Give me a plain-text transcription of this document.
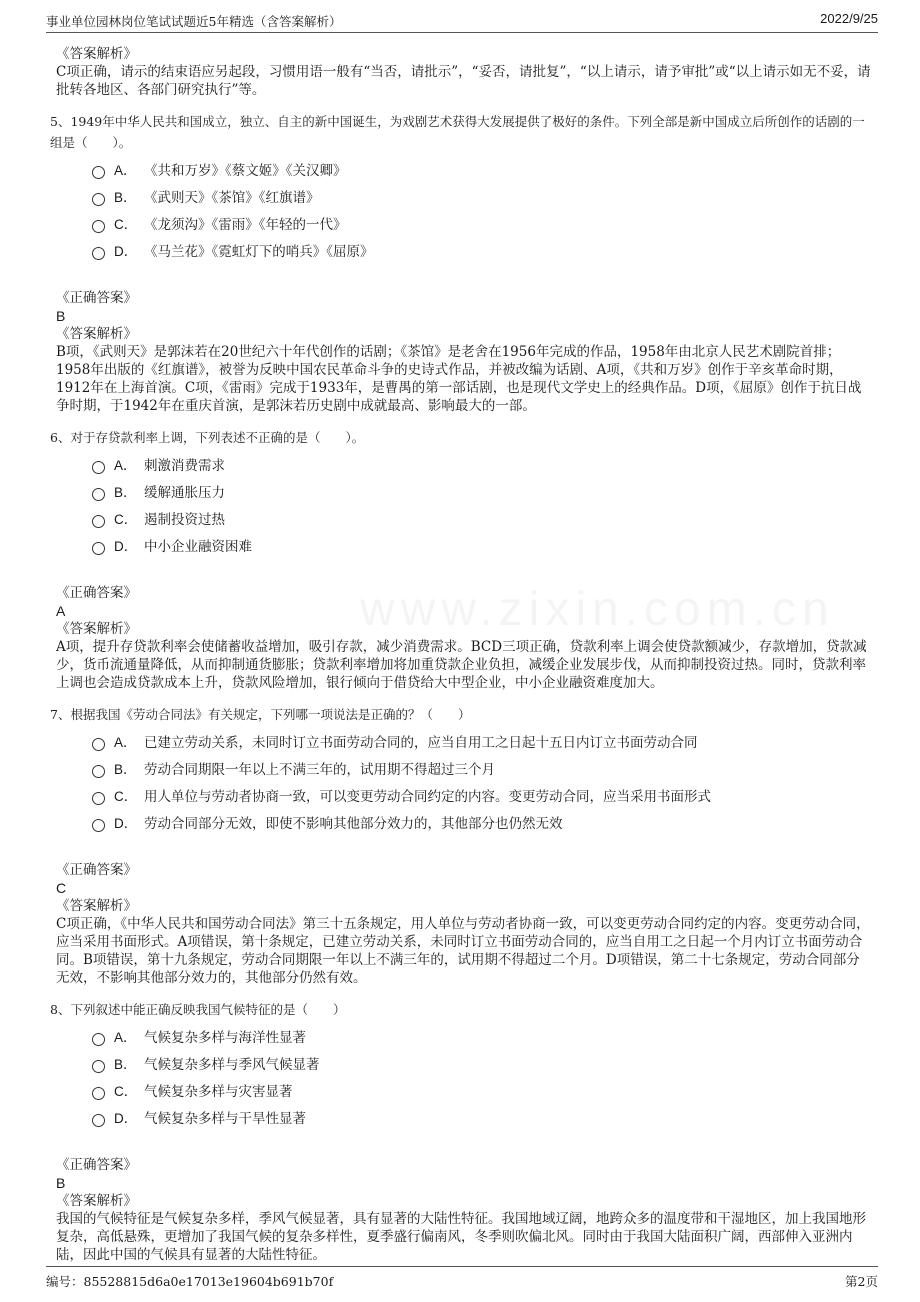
事业单位园林岗位笔试试题近5年精选（含答案解析）	2022/9/25
《答案解析》
C项正确，请示的结束语应另起段，习惯用语一般有“当否，请批示”，“妥否，请批复”，“以上请示，请予审批”或“以上请示如无不妥，请批转各地区、各部门研究执行”等。
5、1949年中华人民共和国成立，独立、自主的新中国诞生，为戏剧艺术获得大发展提供了极好的条件。下列全部是新中国成立后所创作的话剧的一组是（　　）。
A． 《共和万岁》《蔡文姬》《关汉卿》
B． 《武则天》《茶馆》《红旗谱》
C． 《龙须沟》《雷雨》《年轻的一代》
D． 《马兰花》《霓虹灯下的哨兵》《屈原》
《正确答案》
B
《答案解析》
B项，《武则天》是郭沫若在20世纪六十年代创作的话剧；《茶馆》是老舍在1956年完成的作品，1958年由北京人民艺术剧院首排；1958年出版的《红旗谱》，被誉为反映中国农民革命斗争的史诗式作品，并被改编为话剧、A项，《共和万岁》创作于辛亥革命时期，1912年在上海首演。C项，《雷雨》完成于1933年，是曹禺的第一部话剧，也是现代文学史上的经典作品。D项，《屈原》创作于抗日战争时期，于1942年在重庆首演，是郭沫若历史剧中成就最高、影响最大的一部。
6、对于存贷款利率上调，下列表述不正确的是（　　）。
A． 刺激消费需求
B． 缓解通胀压力
C． 遏制投资过热
D． 中小企业融资困难
《正确答案》
A
《答案解析》
A项，提升存贷款利率会使储蓄收益增加，吸引存款，减少消费需求。BCD三项正确，贷款利率上调会使贷款额减少，存款增加，贷款减少，货币流通量降低，从而抑制通货膨胀；贷款利率增加将加重贷款企业负担，减缓企业发展步伐，从而抑制投资过热。同时，贷款利率上调也会造成贷款成本上升，贷款风险增加，银行倾向于借贷给大中型企业，中小企业融资难度加大。
7、根据我国《劳动合同法》有关规定，下列哪一项说法是正确的？（　　）
A． 已建立劳动关系，未同时订立书面劳动合同的，应当自用工之日起十五日内订立书面劳动合同
B． 劳动合同期限一年以上不满三年的，试用期不得超过三个月
C． 用人单位与劳动者协商一致，可以变更劳动合同约定的内容。变更劳动合同，应当采用书面形式
D． 劳动合同部分无效，即使不影响其他部分效力的，其他部分也仍然无效
《正确答案》
C
《答案解析》
C项正确，《中华人民共和国劳动合同法》第三十五条规定，用人单位与劳动者协商一致，可以变更劳动合同约定的内容。变更劳动合同，应当采用书面形式。A项错误，第十条规定，已建立劳动关系，未同时订立书面劳动合同的，应当自用工之日起一个月内订立书面劳动合同。B项错误，第十九条规定，劳动合同期限一年以上不满三年的，试用期不得超过二个月。D项错误，第二十七条规定，劳动合同部分无效，不影响其他部分效力的，其他部分仍然有效。
8、下列叙述中能正确反映我国气候特征的是（　　）
A． 气候复杂多样与海洋性显著
B． 气候复杂多样与季风气候显著
C． 气候复杂多样与灾害显著
D． 气候复杂多样与干旱性显著
《正确答案》
B
《答案解析》
我国的气候特征是气候复杂多样，季风气候显著，具有显著的大陆性特征。我国地域辽阔，地跨众多的温度带和干湿地区，加上我国地形复杂，高低悬殊，更增加了我国气候的复杂多样性，夏季盛行偏南风，冬季则吹偏北风。同时由于我国大陆面积广阔，西部伸入亚洲内陆，因此中国的气候具有显著的大陆性特征。
编号：85528815d6a0e17013e19604b691b70f	第2页
